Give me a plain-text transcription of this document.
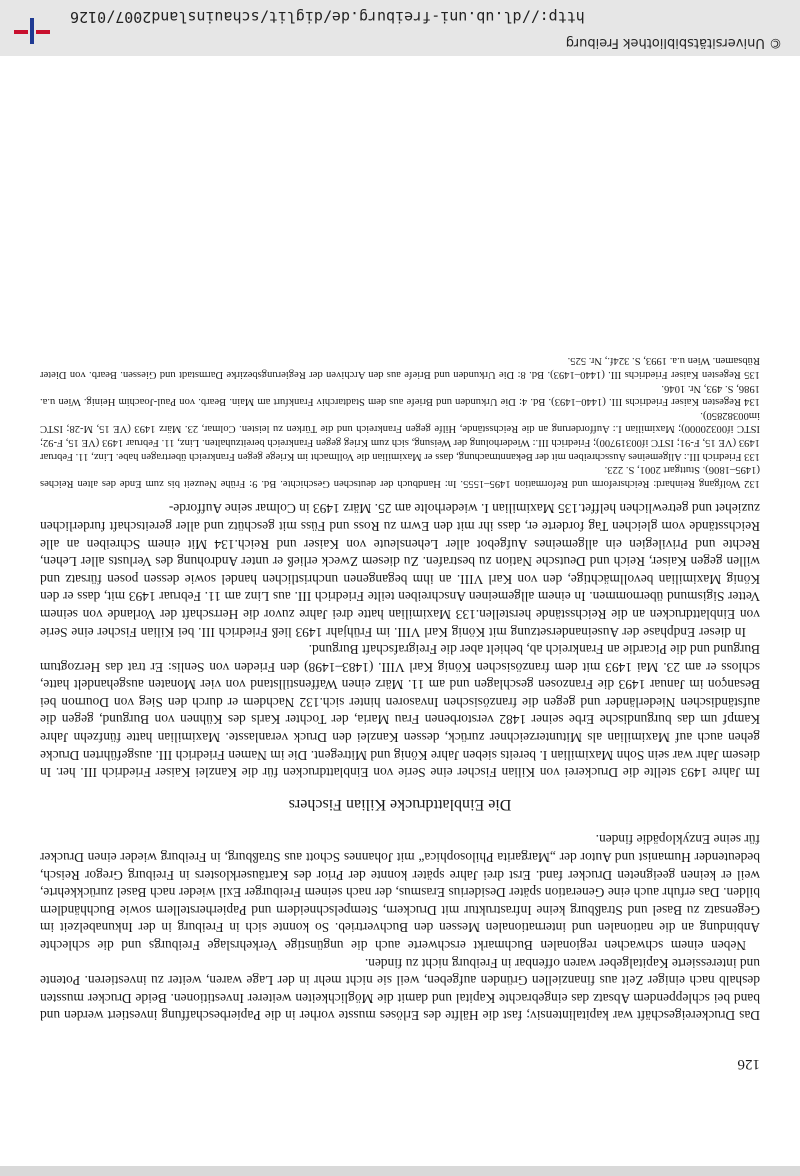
126

Das Druckereigeschäft war kapitalintensiv; fast die Hälfte des Erlöses musste vorher in die Papierbeschaffung investiert werden und band bei schleppendem Absatz das eingebrachte Kapital und damit die Möglichkeiten weiterer Investitionen. Beide Drucker mussten deshalb nach einiger Zeit aus finanziellen Gründen aufgeben, weil sie nicht mehr in der Lage waren, weiter zu investieren. Potente und interessierte Kapitalgeber waren offenbar in Freiburg nicht zu finden.

Neben einem schwachen regionalen Buchmarkt erschwerte auch die ungünstige Verkehrslage Freiburgs und die schlechte Anbindung an die nationalen und internationalen Messen den Buchvertrieb. So konnte sich in Freiburg in der Inkunabelzeit im Gegensatz zu Basel und Straßburg keine Infrastruktur mit Druckern, Stempelschneidern und Papierherstellern sowie Buchhändlern bilden. Das erfuhr auch eine Generation später Desiderius Erasmus, der nach seinem Freiburger Exil wieder nach Basel zurückkehrte, weil er keinen geeigneten Drucker fand. Erst drei Jahre später konnte der Prior des Kartäuserklosters in Freiburg Gregor Reisch, bedeutender Humanist und Autor der „Margarita Philosophica“ mit Johannes Schott aus Straßburg, in Freiburg wieder einen Drucker für seine Enzyklopädie finden.

Die Einblattdrucke Kilian Fischers

Im Jahre 1493 stellte die Druckerei von Kilian Fischer eine Serie von Einblattdrucken für die Kanzlei Kaiser Friedrich III. her. In diesem Jahr war sein Sohn Maximilian I. bereits sieben Jahre König und Mitregent. Die im Namen Friedrich III. ausgeführten Drucke gehen auch auf Maximilian als Mitunterzeichner zurück, dessen Kanzlei den Druck veranlasste. Maximilian hatte fünfzehn Jahre Kampf um das burgundische Erbe seiner 1482 verstorbenen Frau Maria, der Tochter Karls des Kühnen von Burgund, gegen die aufständischen Niederländer und gegen die französischen Invasoren hinter sich.132 Nachdem er durch den Sieg von Dournon bei Besançon im Januar 1493 die Franzosen geschlagen und am 11. März einen Waffenstillstand von vier Monaten ausgehandelt hatte, schloss er am 23. Mai 1493 mit dem französischen König Karl VIII. (1483–1498) den Frieden von Senlis: Er trat das Herzogtum Burgund und die Picardie an Frankreich ab, behielt aber die Freigrafschaft Burgund.

In dieser Endphase der Auseinandersetzung mit König Karl VIII. im Frühjahr 1493 ließ Friedrich III. bei Kilian Fischer eine Serie von Einblattdrucken an die Reichsstände herstellen.133 Maximilian hatte drei Jahre zuvor die Herrschaft der Vorlande von seinem Vetter Sigismund übernommen. In einem allgemeinen Anschreiben teilte Friedrich III. aus Linz am 11. Februar 1493 mit, dass er den König Maximilian bevollmächtige, den von Karl VIII. an ihm begangenen unchristlichen handel sowie dessen posen fürsatz und willen gegen Kaiser, Reich und Deutsche Nation zu bestrafen. Zu diesem Zweck erließ er unter Androhung des Verlusts aller Lehen, Rechte und Privilegien ein allgemeines Aufgebot aller Lehensleute von Kaiser und Reich.134 Mit einem Schreiben an alle Reichsstände vom gleichen Tag forderte er, dass ihr mit den Ewrn zu Ross und Füss mit geschütz und aller gereitschaft furderlichen zuziehet und getrewlichen helffet.135 Maximilian I. wiederholte am 25. März 1493 in Colmar seine Aufforde-

132 Wolfgang Reinhard: Reichsreform und Reformation 1495–1555. In: Handbuch der deutschen Geschichte. Bd. 9: Frühe Neuzeit bis zum Ende des alten Reiches (1495–1806). Stuttgart 2001, S. 223.

133 Friedrich III.: Allgemeines Ausschreiben mit der Bekanntmachung, dass er Maximilian die Vollmacht im Kriege gegen Frankreich übertragen habe. Linz, 11. Februar 1493 (VE 15, F-91; ISTC if00319700); Friedrich III.: Wiederholung der Weisung, sich zum Krieg gegen Frankreich bereitzuhalten. Linz, 11. Februar 1493 (VE 15, F-92; ISTC if00320000); Maximilian I.: Aufforderung an die Reichsstände, Hilfe gegen Frankreich und die Türken zu leisten. Colmar, 23. März 1493 (VE 15, M-28; ISTC im00382850).

134 Regesten Kaiser Friedrichs III. (1440–1493). Bd. 4: Die Urkunden und Briefe aus dem Stadtarchiv Frankfurt am Main. Bearb. von Paul-Joachim Heinig. Wien u.a. 1986, S. 493, Nr. 1046.

135 Regesten Kaiser Friedrichs III. (1440–1493). Bd. 8: Die Urkunden und Briefe aus den Archiven der Regierungsbezirke Darmstadt und Giessen. Bearb. von Dieter Rübsamen. Wien u.a. 1993, S. 324f., Nr. 525.

http://dl.ub.uni-freiburg.de/diglit/schauinsland2007/0126
© Universitätsbibliothek Freiburg
